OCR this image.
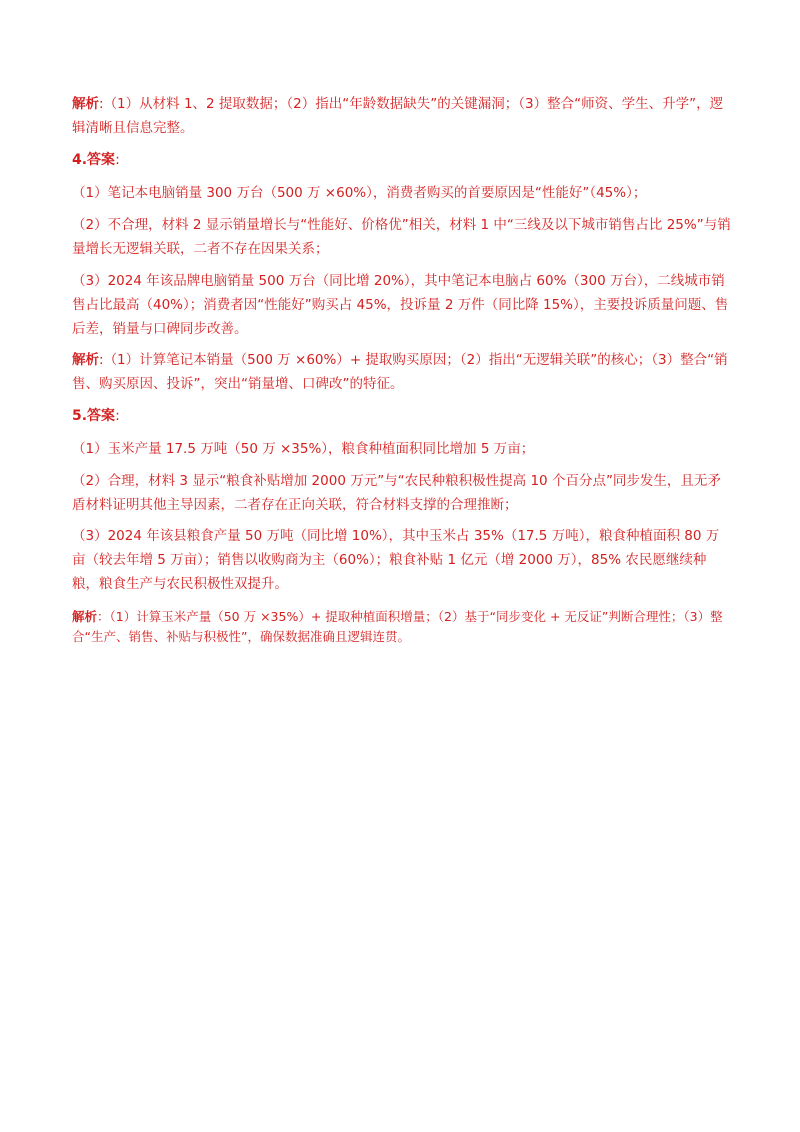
解析:（1）从材料 1、2 提取数据；（2）指出“年龄数据缺失”的关键漏洞；（3）整合“师资、学生、升学”，逻辑清晰且信息完整。

4.答案:

（1）笔记本电脑销量 300 万台（500 万 ×60%），消费者购买的首要原因是“性能好”（45%）；

（2）不合理，材料 2 显示销量增长与“性能好、价格优”相关，材料 1 中“三线及以下城市销售占比 25%”与销量增长无逻辑关联，二者不存在因果关系；

（3）2024 年该品牌电脑销量 500 万台（同比增 20%），其中笔记本电脑占 60%（300 万台），二线城市销售占比最高（40%）；消费者因“性能好”购买占 45%，投诉量 2 万件（同比降 15%），主要投诉质量问题、售后差，销量与口碑同步改善。

解析:（1）计算笔记本销量（500 万 ×60%）+ 提取购买原因；（2）指出“无逻辑关联”的核心；（3）整合“销售、购买原因、投诉”，突出“销量增、口碑改”的特征。

5.答案:

（1）玉米产量 17.5 万吨（50 万 ×35%），粮食种植面积同比增加 5 万亩；

（2）合理，材料 3 显示“粮食补贴增加 2000 万元”与“农民种粮积极性提高 10 个百分点”同步发生，且无矛盾材料证明其他主导因素，二者存在正向关联，符合材料支撑的合理推断；

（3）2024 年该县粮食产量 50 万吨（同比增 10%），其中玉米占 35%（17.5 万吨），粮食种植面积 80 万亩（较去年增 5 万亩）；销售以收购商为主（60%）；粮食补贴 1 亿元（增 2000 万），85% 农民愿继续种粮，粮食生产与农民积极性双提升。

解析：（1）计算玉米产量（50 万 ×35%）+ 提取种植面积增量；（2）基于“同步变化 + 无反证”判断合理性；（3）整合“生产、销售、补贴与积极性”，确保数据准确且逻辑连贯。
